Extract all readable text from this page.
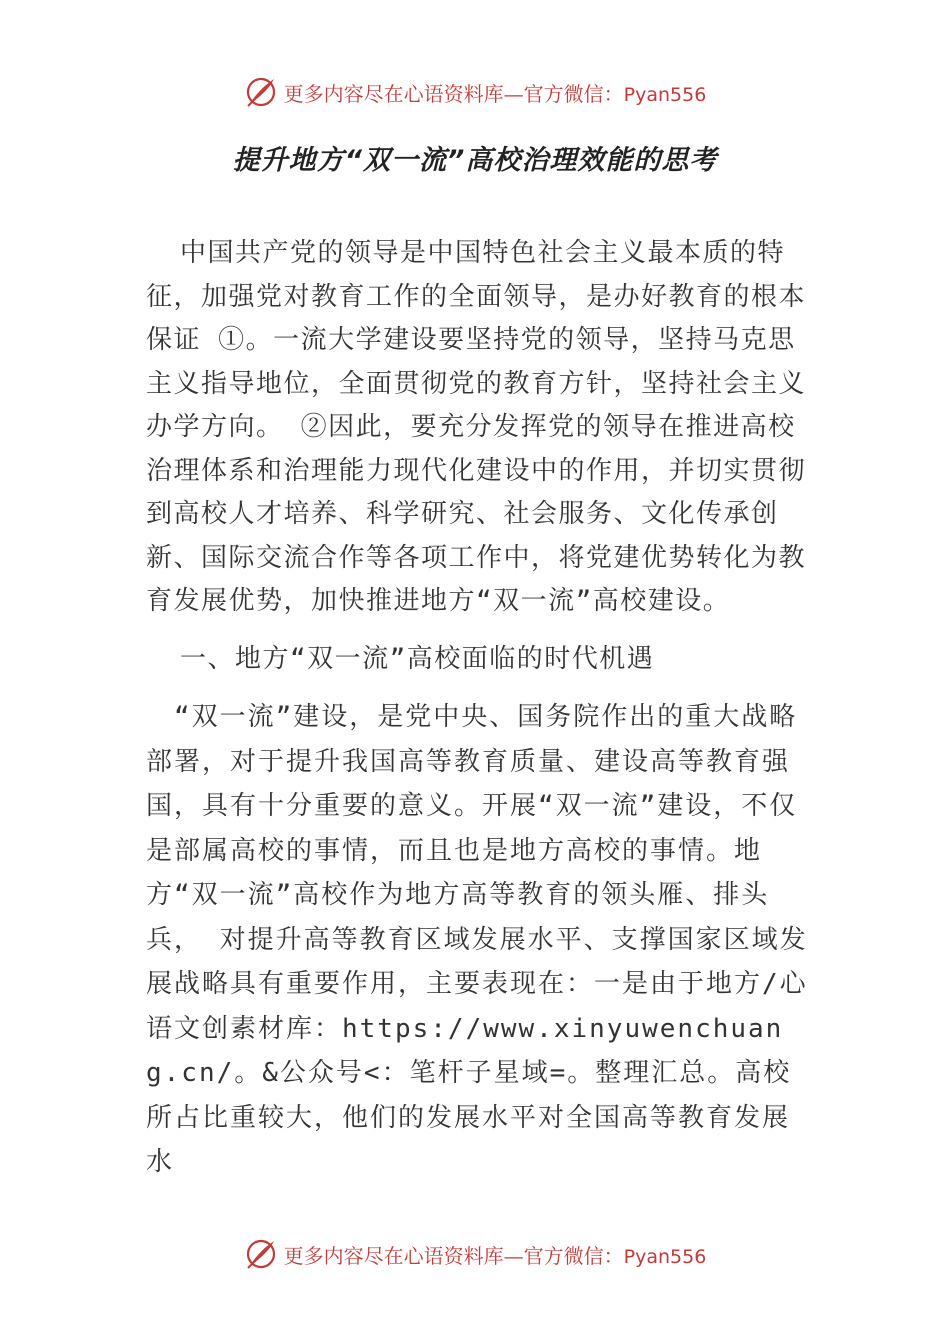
更多内容尽在心语资料库—官方微信：Pyan556
提升地方“双一流”高校治理效能的思考

中国共产党的领导是中国特色社会主义最本质的特征，加强党对教育工作的全面领导，是办好教育的根本保证 ①。一流大学建设要坚持党的领导，坚持马克思主义指导地位，全面贯彻党的教育方针，坚持社会主义办学方向。 ②因此，要充分发挥党的领导在推进高校治理体系和治理能力现代化建设中的作用，并切实贯彻到高校人才培养、科学研究、社会服务、文化传承创新、国际交流合作等各项工作中，将党建优势转化为教育发展优势，加快推进地方“双一流”高校建设。

一、地方“双一流”高校面临的时代机遇

“双一流”建设，是党中央、国务院作出的重大战略部署，对于提升我国高等教育质量、建设高等教育强国，具有十分重要的意义。开展“双一流”建设，不仅是部属高校的事情，而且也是地方高校的事情。地方“双一流”高校作为地方高等教育的领头雁、排头兵， 对提升高等教育区域发展水平、支撑国家区域发展战略具有重要作用，主要表现在：一是由于地方/心语文创素材库：https://www.xinyuwenchuang.cn/。&公众号<：笔杆子星域=。整理汇总。高校所占比重较大，他们的发展水平对全国高等教育发展水

更多内容尽在心语资料库—官方微信：Pyan556
